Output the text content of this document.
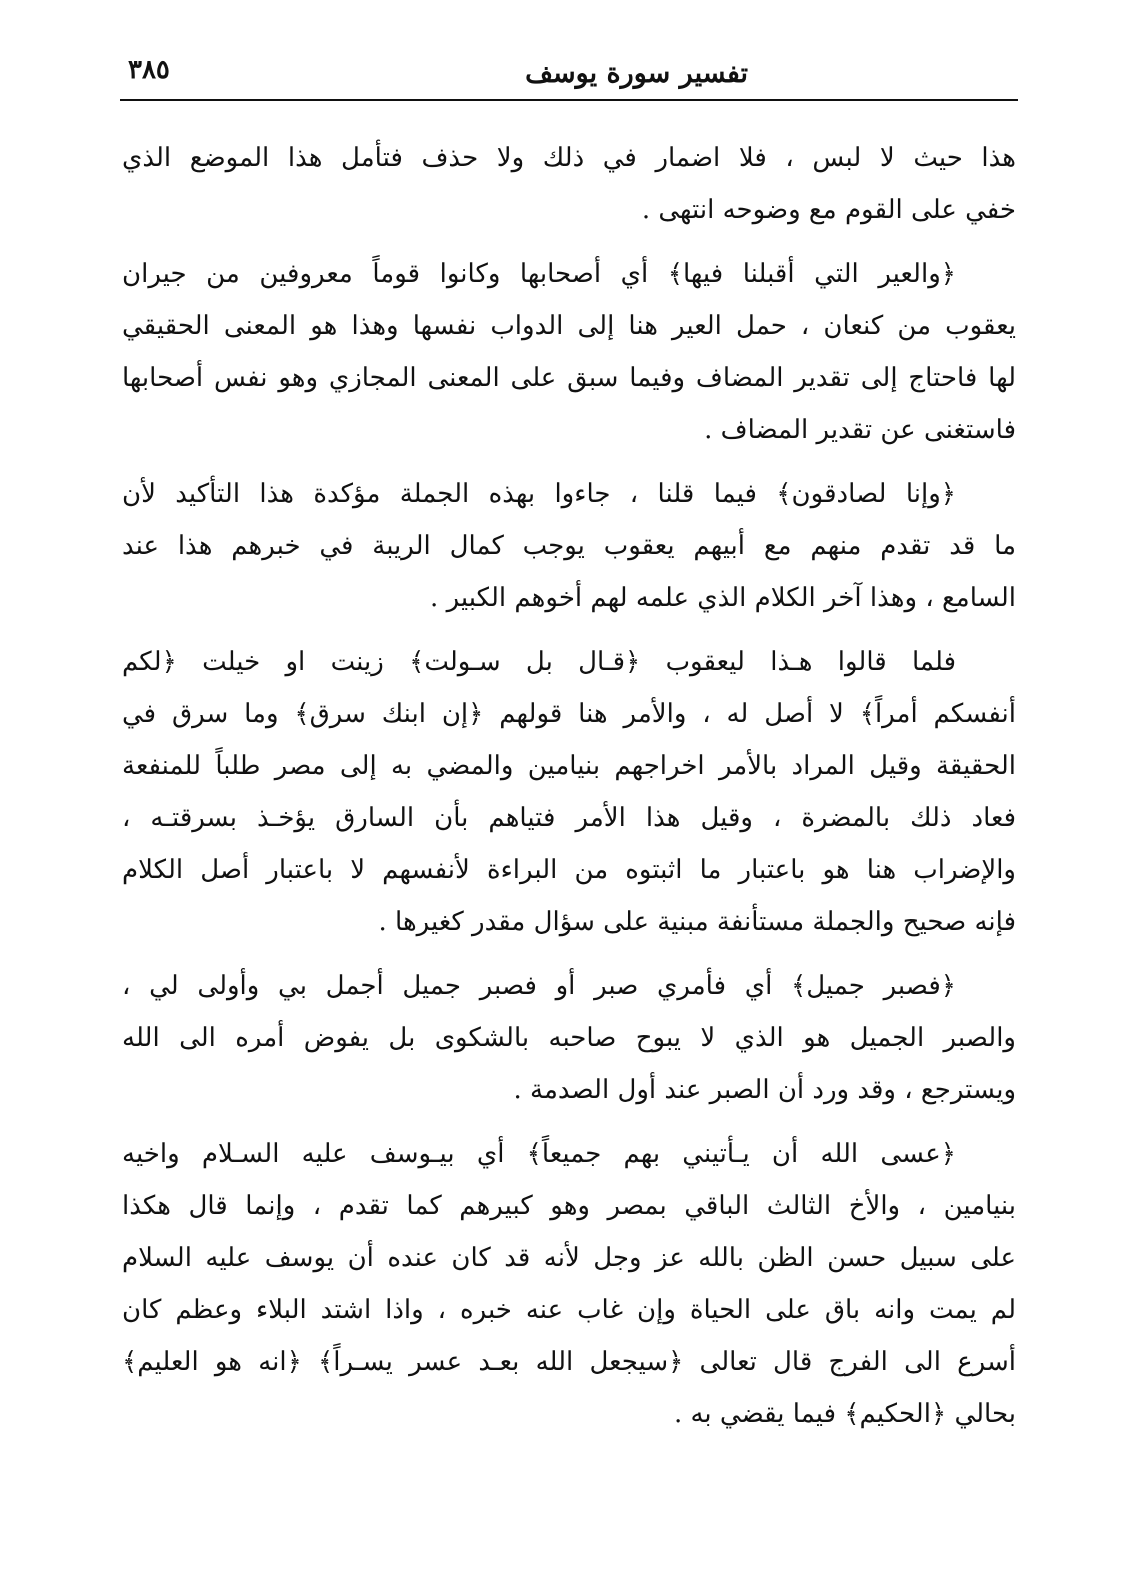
تفسير سورة يوسف
٣٨٥
هذا حيث لا لبس ، فلا اضمار في ذلك ولا حذف فتأمل هذا الموضع الذي
خفي على القوم مع وضوحه انتهى .
﴿والعير التي أقبلنا فيها﴾ أي أصحابها وكانوا قوماً معروفين من جيران
يعقوب من كنعان ، حمل العير هنا إلى الدواب نفسها وهذا هو المعنى الحقيقي
لها فاحتاج إلى تقدير المضاف وفيما سبق على المعنى المجازي وهو نفس أصحابها
فاستغنى عن تقدير المضاف .
﴿وإنا لصادقون﴾ فيما قلنا ، جاءوا بهذه الجملة مؤكدة هذا التأكيد لأن
ما قد تقدم منهم مع أبيهم يعقوب يوجب كمال الريبة في خبرهم هذا عند
السامع ، وهذا آخر الكلام الذي علمه لهم أخوهم الكبير .
فلما قالوا هـذا ليعقوب ﴿قـال بل سـولت﴾ زينت او خيلت ﴿لكم
أنفسكم أمراً﴾ لا أصل له ، والأمر هنا قولهم ﴿إن ابنك سرق﴾ وما سرق في
الحقيقة وقيل المراد بالأمر اخراجهم بنيامين والمضي به إلى مصر طلباً للمنفعة
فعاد ذلك بالمضرة ، وقيل هذا الأمر فتياهم بأن السارق يؤخـذ بسرقتـه ،
والإضراب هنا هو باعتبار ما اثبتوه من البراءة لأنفسهم لا باعتبار أصل الكلام
فإنه صحيح والجملة مستأنفة مبنية على سؤال مقدر كغيرها .
﴿فصبر جميل﴾ أي فأمري صبر أو فصبر جميل أجمل بي وأولى لي ،
والصبر الجميل هو الذي لا يبوح صاحبه بالشكوى بل يفوض أمره الى الله
ويسترجع ، وقد ورد أن الصبر عند أول الصدمة .
﴿عسى الله أن يـأتيني بهم جميعاً﴾ أي بيـوسف عليه السـلام واخيه
بنيامين ، والأخ الثالث الباقي بمصر وهو كبيرهم كما تقدم ، وإنما قال هكذا
على سبيل حسن الظن بالله عز وجل لأنه قد كان عنده أن يوسف عليه السلام
لم يمت وانه باق على الحياة وإن غاب عنه خبره ، واذا اشتد البلاء وعظم كان
أسرع الى الفرج قال تعالى ﴿سيجعل الله بعـد عسر يسـراً﴾ ﴿انه هو العليم﴾
بحالي ﴿الحكيم﴾ فيما يقضي به .
